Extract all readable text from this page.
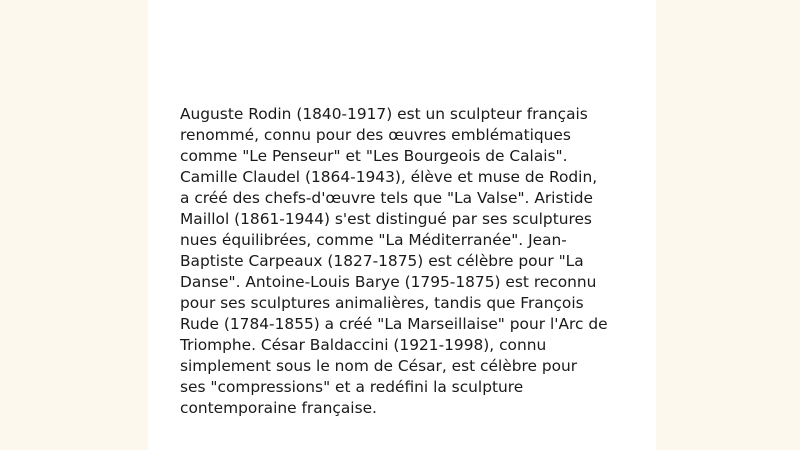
Auguste Rodin (1840-1917) est un sculpteur français
renommé, connu pour des œuvres emblématiques
comme "Le Penseur" et "Les Bourgeois de Calais".
Camille Claudel (1864-1943), élève et muse de Rodin,
a créé des chefs-d'œuvre tels que "La Valse". Aristide
Maillol (1861-1944) s'est distingué par ses sculptures
nues équilibrées, comme "La Méditerranée". Jean-
Baptiste Carpeaux (1827-1875) est célèbre pour "La
Danse". Antoine-Louis Barye (1795-1875) est reconnu
pour ses sculptures animalières, tandis que François
Rude (1784-1855) a créé "La Marseillaise" pour l'Arc de
Triomphe. César Baldaccini (1921-1998), connu
simplement sous le nom de César, est célèbre pour
ses "compressions" et a redéfini la sculpture
contemporaine française.
